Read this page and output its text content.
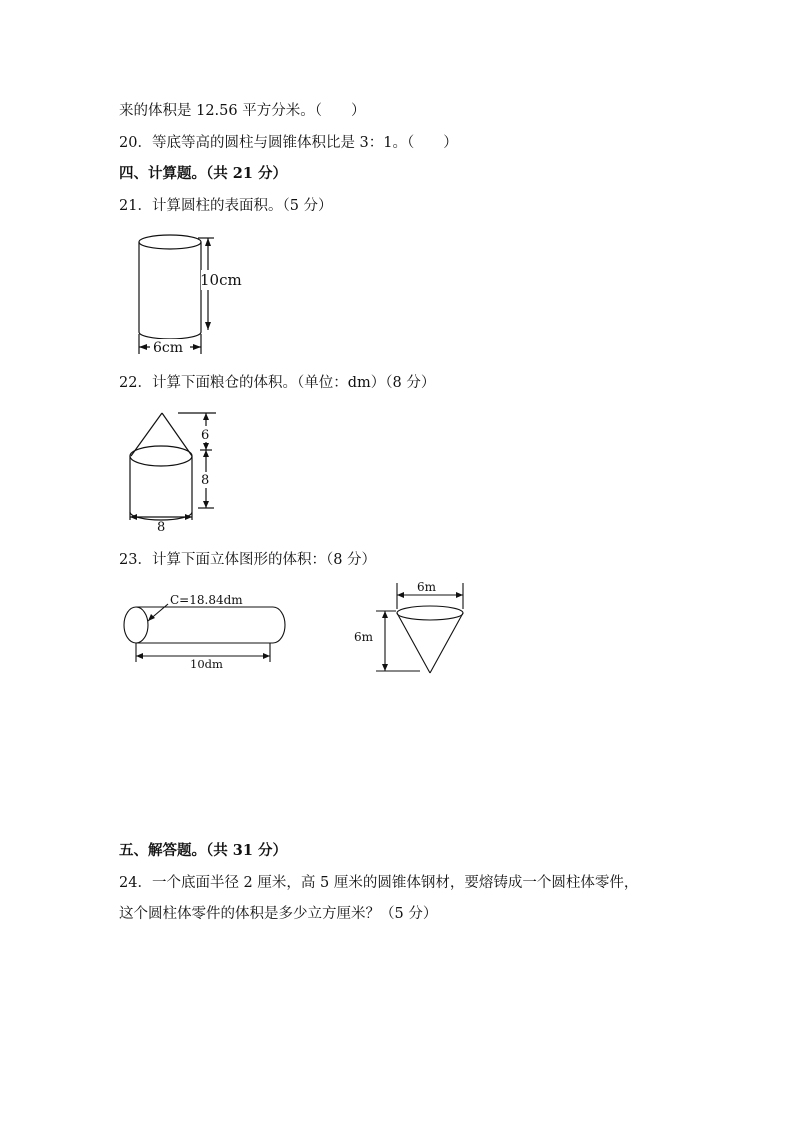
来的体积是 12.56 平方分米。（　　）
20．等底等高的圆柱与圆锥体积比是 3：1。（　　）
四、计算题。（共 21 分）
21．计算圆柱的表面积。（5 分）
10cm
6cm
22．计算下面粮仓的体积。（单位：dm）（8 分）
6
8
8
23．计算下面立体图形的体积：（8 分）
C=18.84dm
10dm
6m
6m
五、解答题。（共 31 分）
24．一个底面半径 2 厘米，高 5 厘米的圆锥体钢材，要熔铸成一个圆柱体零件，
这个圆柱体零件的体积是多少立方厘米？（5 分）
